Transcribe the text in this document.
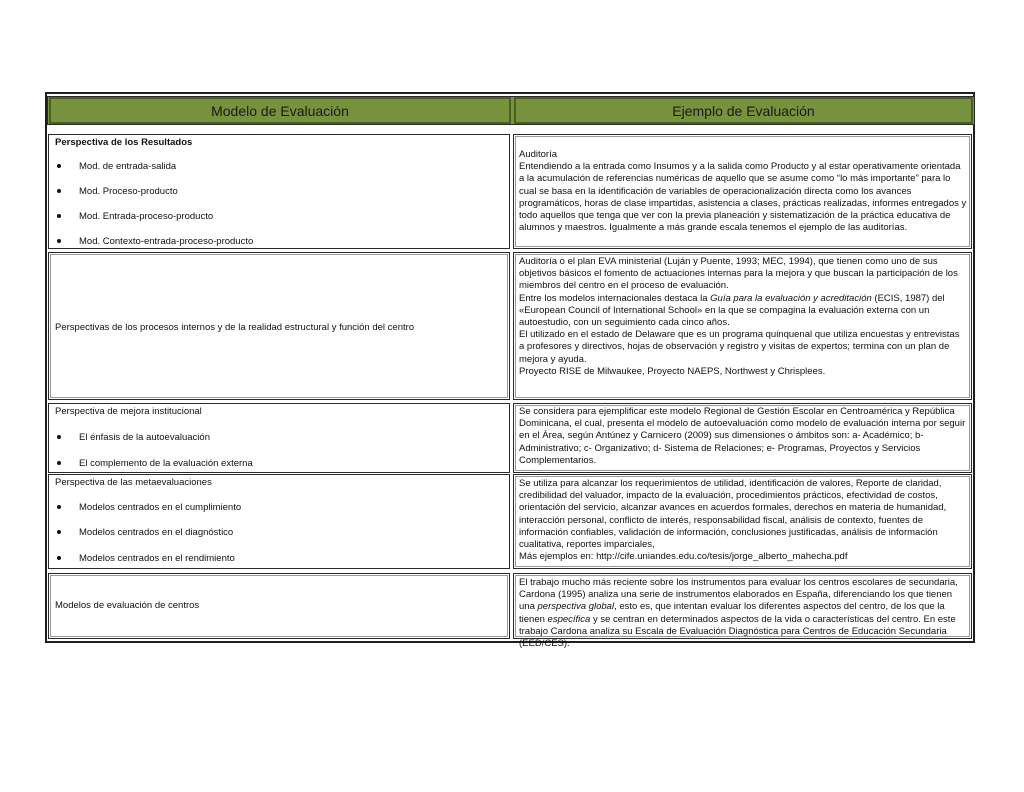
Modelo de Evaluación	Ejemplo de Evaluación
Perspectiva de los Resultados
Mod. de entrada-salida
Mod. Proceso-producto
Mod. Entrada-proceso-producto
Mod. Contexto-entrada-proceso-producto

Auditoría

Entendiendo a la entrada como Insumos y a la salida como Producto y al estar operativamente orientada a la acumulación de referencias numéricas de aquello que se asume como “lo más importante” para lo cual se basa en la identificación de variables de operacionalización directa como los avances programáticos, horas de clase impartidas, asistencia a clases, prácticas realizadas, informes entregados y todo aquellos que tenga que ver con la previa planeación y sistematización de la práctica educativa de alumnos y maestros. Igualmente a más grande escala tenemos el ejemplo de las auditorías.

Perspectivas de los procesos internos y de la realidad estructural y función del centro

Auditoría o el plan EVA ministerial (Luján y Puente, 1993; MEC, 1994), que tienen como uno de sus objetivos básicos el fomento de actuaciones internas para la mejora y que buscan la participación de los miembros del centro en el proceso de evaluación.

Entre los modelos internacionales destaca la Guía para la evaluación y acreditación (ECIS, 1987) del «European Council of International School» en la que se compagina la evaluación externa con un autoestudio, con un seguimiento cada cinco años.

El utilizado en el estado de Delaware que es un programa quinquenal que utiliza encuestas y entrevistas a profesores y directivos, hojas de observación y registro y visitas de expertos; termina con un plan de mejora y ayuda.

Proyecto RISE de Milwaukee, Proyecto NAEPS, Northwest y Chrisplees.

Perspectiva de mejora institucional
El énfasis de la autoevaluación
El complemento de la evaluación externa
Se considera para ejemplificar este modelo Regional de Gestión Escolar en Centroamérica y República Dominicana, el cual, presenta el modelo de autoevaluación como modelo de evaluación interna por seguir en el Área, según Antúnez y Carnicero (2009) sus dimensiones o ámbitos son: a- Académico; b- Administrativo; c- Organizativo; d- Sistema de Relaciones; e- Programas, Proyectos y Servicios Complementarios.
Perspectiva de las metaevaluaciones
Modelos centrados en el cumplimiento
Modelos centrados en el diagnóstico
Modelos centrados en el rendimiento

Se utiliza para alcanzar los requerimientos de utilidad, identificación de valores, Reporte de claridad, credibilidad del valuador, impacto de la evaluación, procedimientos prácticos, efectividad de costos, orientación del servicio, alcanzar avances en acuerdos formales, derechos en materia de humanidad, interacción personal, conflicto de interés, responsabilidad fiscal, análisis de contexto, fuentes de información confiables, validación de información, conclusiones justificadas, análisis de información cualitativa, reportes imparciales,

Más ejemplos en: http://cife.uniandes.edu.co/tesis/jorge_alberto_mahecha.pdf

Modelos de evaluación de centros

El trabajo mucho más reciente sobre los instrumentos para evaluar los centros escolares de secundaria, Cardona (1995) analiza una serie de instrumentos elaborados en España, diferenciando los que tienen una perspectiva global, esto es, que intentan evaluar los diferentes aspectos del centro, de los que la tienen específica y se centran en determinados aspectos de la vida o características del centro. En este trabajo Cardona analiza su Escala de Evaluación Diagnóstica para Centros de Educación Secundaria (EED/CES).
